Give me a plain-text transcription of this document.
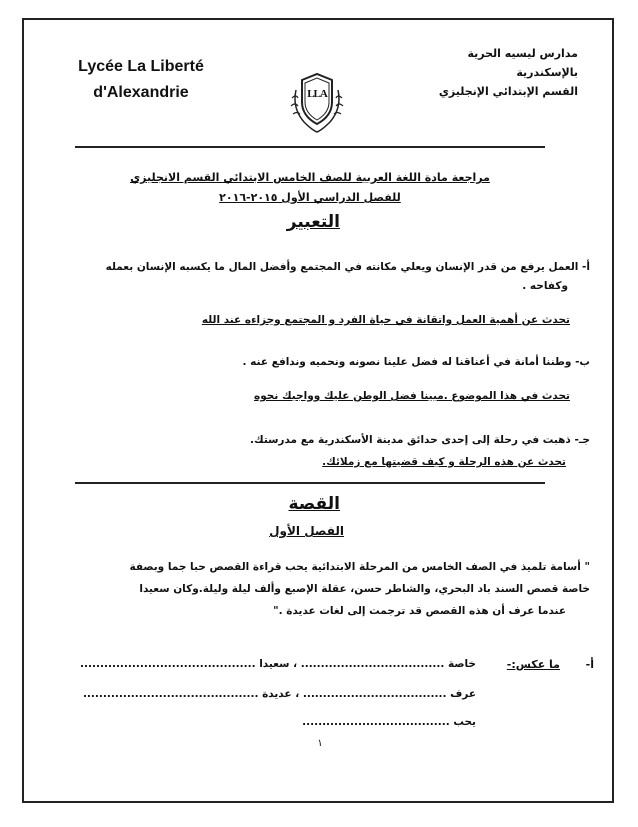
Lycée La Liberté
d'Alexandrie	LLA
مدارس ليسيه الحرية
بالإسكندرية
القسم الإبتدائي الإنجليزي
مراجعة مادة اللغة العربية للصف الخامس الابتدائي القسم الانجليزي
للفصل الدراسي الأول ٢٠١٥-٢٠١٦
التعبير
أ- العمل يرفع من قدر الإنسان ويعلي مكانته في المجتمع وأفضل المال ما يكسبه الإنسان بعمله
وكفاحه .
تحدث عن أهمية العمل واتقانة في حياة الفرد و المجتمع وجزاءه عند الله
ب- وطننا أمانة في أعناقنا له فضل علينا نصونه ونحميه وندافع عنه .
تحدث في هذا الموضوع .مبينا فضل الوطن عليك وواجبك نحوه
جـ- ذهبت في رحلة إلى إحدى حدائق مدينة الأسكندرية مع مدرستك.
تحدث عن هذه الرحلة و كيف قضيتها مع زملائك.
القصة
الفصل الأول
" أسامة تلميذ في الصف الخامس من المرحلة الابتدائية يحب قراءة القصص حبا جما وبصفة
خاصة قصص السند باد البحري، والشاطر حسن، عقلة الإصبع وألف ليلة وليلة.وكان سعيدا
عندما عرف أن هذه القصص قد ترجمت إلى لغات عديدة ."
أ-
ما عكس:-
خاصة .................................... ، سعيدا ............................................
عرف .................................... ، عديدة ............................................
يحب .....................................
١
